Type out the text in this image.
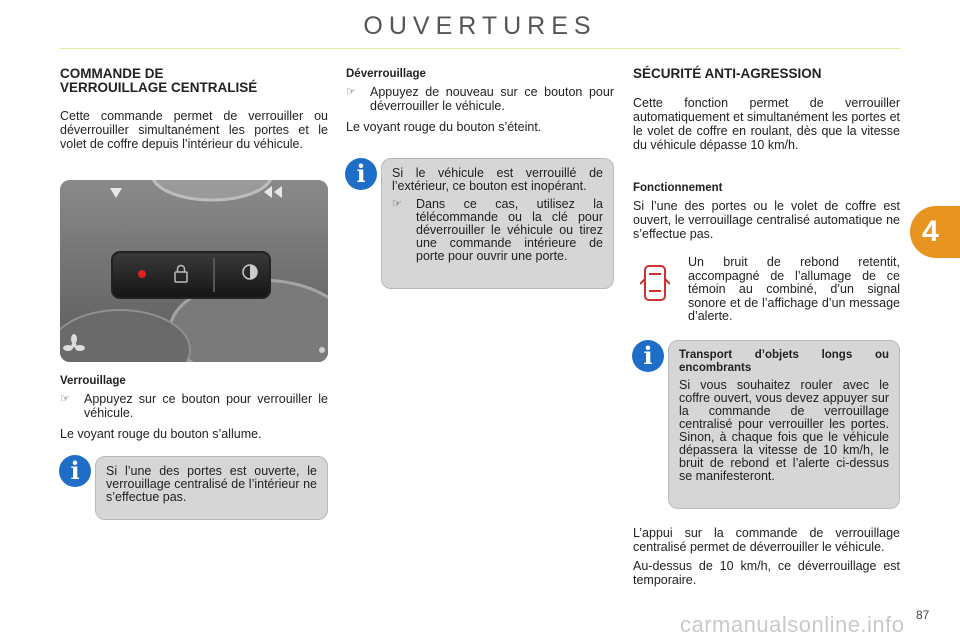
OUVERTURES
4
COMMANDE DE
VERROUILLAGE CENTRALISÉ

Cette commande permet de verrouiller ou déverrouiller simultanément les portes et le volet de coffre depuis l’intérieur du véhicule.

Verrouillage
☞	Appuyez sur ce bouton pour verrouiller le véhicule.

Le voyant rouge du bouton s’allume.

Si l’une des portes est ouverte, le verrouillage centralisé de l’intérieur ne s’effectue pas.

i
Déverrouillage
☞	Appuyez de nouveau sur ce bouton pour déverrouiller le véhicule.

Le voyant rouge du bouton s’éteint.

Si le véhicule est verrouillé de l’extérieur, ce bouton est inopérant.

☞	Dans ce cas, utilisez la télécommande ou la clé pour déverrouiller le véhicule ou tirez une commande intérieure de porte pour ouvrir une porte.
i
SÉCURITÉ ANTI-AGRESSION

Cette fonction permet de verrouiller automatiquement et simultanément les portes et le volet de coffre en roulant, dès que la vitesse du véhicule dépasse 10 km/h.

Fonctionnement

Si l’une des portes ou le volet de coffre est ouvert, le verrouillage centralisé automatique ne s’effectue pas.

Un bruit de rebond retentit, accompagné de l’allumage de ce témoin au combiné, d’un signal sonore et de l’affichage d’un message d’alerte.
Transport d’objets longs ou encombrants

Si vous souhaitez rouler avec le coffre ouvert, vous devez appuyer sur la commande de verrouillage centralisé pour verrouiller les portes. Sinon, à chaque fois que le véhicule dépassera la vitesse de 10 km/h, le bruit de rebond et l’alerte ci-dessus se manifesteront.

i

L’appui sur la commande de verrouillage centralisé permet de déverrouiller le véhicule.

Au-dessus de 10 km/h, ce déverrouillage est temporaire.

carmanualsonline.info 87
